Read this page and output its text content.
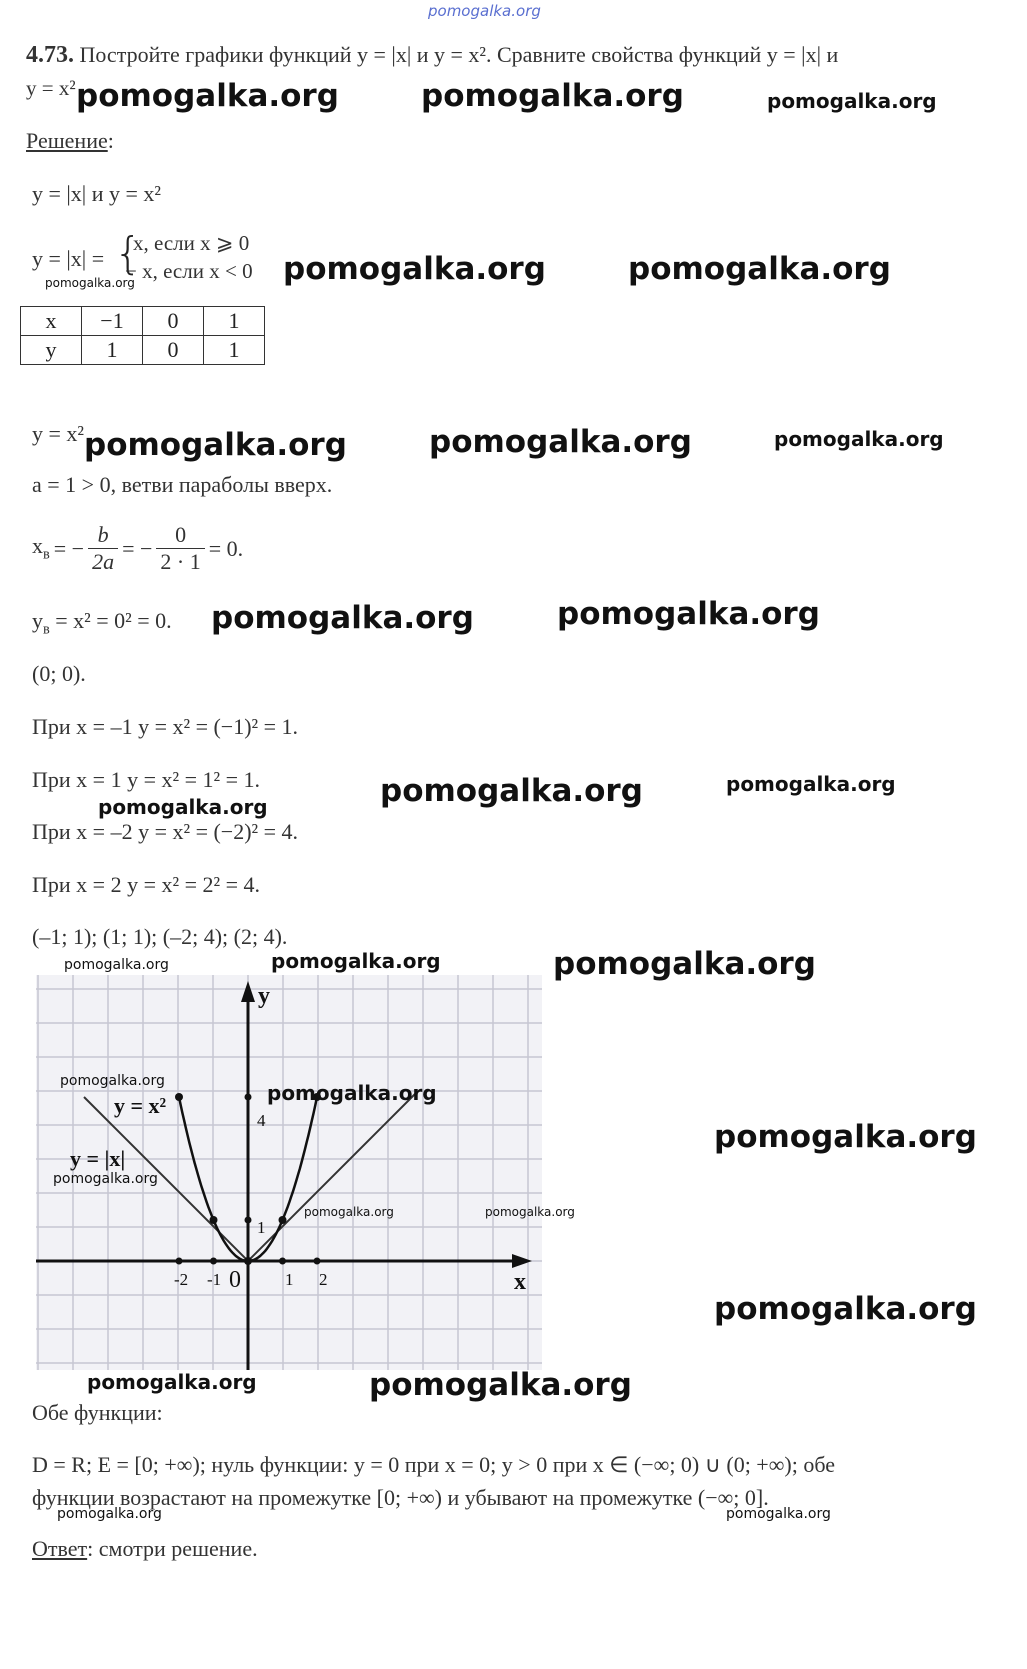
pomogalka.org
4.73. Постройте графики функций y = |x| и y = x². Сравните свойства функций y = |x| и
y = x²
Решение:
y = |x| и y = x²
y = |x| = {
x, если x ⩾ 0
− x, если x < 0
x	−1	0	1
y	1	0	1
y = x²
a = 1 > 0, ветви параболы вверх.
$x_в$ = − $\frac{b}{2a}$ = − $\frac{0}{2 \cdot 1} = 0$.
$y_в = x^2 = 0^2 = 0$.
(0; 0).
При x = –1 y = x² = (−1)² = 1.
При x = 1 y = x² = 1² = 1.
При x = –2 y = x² = (−2)² = 4.
При x = 2 y = x² = 2² = 4.
(–1; 1); (1; 1); (–2; 4); (2; 4).
y
x
-2 -1 0	1 2
1
4
y = x²
y = |x|
Обе функции:
D = R; E = [0; +∞); нуль функции: y = 0 при x = 0; y > 0 при x ∈ (−∞; 0) ∪ (0; +∞); обе
функции возрастают на промежутке [0; +∞) и убывают на промежутке (−∞; 0].
Ответ: смотри решение.
pomogalka.org	pomogalka.org	pomogalka.org
pomogalka.org	pomogalka.org
pomogalka.org
pomogalka.org	pomogalka.org	pomogalka.org
pomogalka.org	pomogalka.org
pomogalka.org	pomogalka.org
pomogalka.org
pomogalka.org	pomogalka.org	pomogalka.org
pomogalka.org	pomogalka.org
pomogalka.org
pomogalka.org
pomogalka.org	pomogalka.org
pomogalka.org
pomogalka.org	pomogalka.org
pomogalka.org	pomogalka.org
